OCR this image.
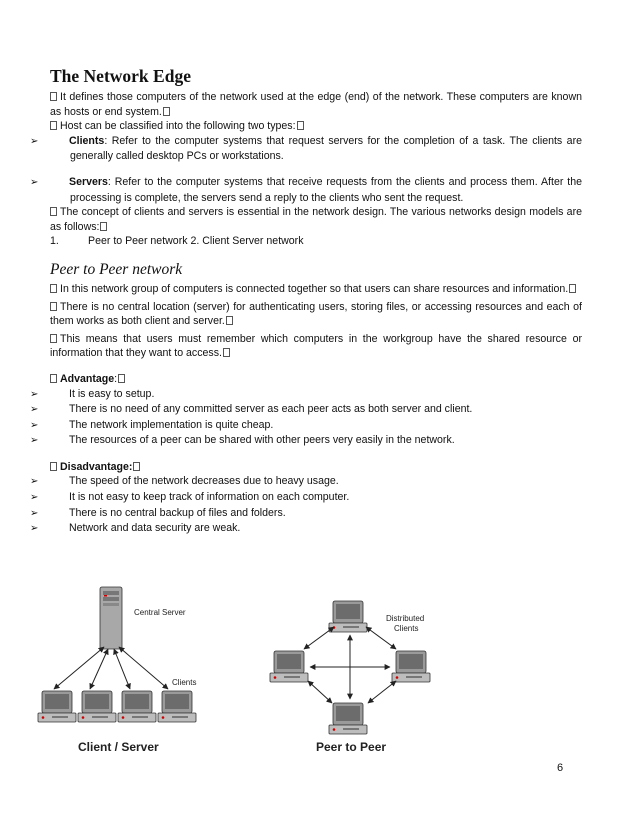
The Network Edge

It defines those computers of the network used at the edge (end) of the network. These computers are known as hosts or end system.

Host can be classified into the following two types:

➢	Clients: Refer to the computer systems that request servers for the completion of a task. The clients are generally called desktop PCs or workstations.

➢	Servers: Refer to the computer systems that receive requests from the clients and process them. After the processing is complete, the servers send a reply to the clients who sent the request.

The concept of clients and servers is essential in the network design. The various networks design models are as follows:

1.	Peer to Peer network 2. Client Server network

Peer to Peer network

In this network group of computers is connected together so that users can share resources and information.

There is no central location (server) for authenticating users, storing files, or accessing resources and each of them works as both client and server.

This means that users must remember which computers in the workgroup have the shared resource or information that they want to access.

Advantage:

➢	It is easy to setup.

➢	There is no need of any committed server as each peer acts as both server and client.

➢	The network implementation is quite cheap.

➢	The resources of a peer can be shared with other peers very easily in the network.

Disadvantage:

➢	The speed of the network decreases due to heavy usage.

➢	It is not easy to keep track of information on each computer.

➢	There is no central backup of files and folders.

➢	Network and data security are weak.

Central Server
Clients
Client / Server
Distributed
Clients
Peer to Peer
6
